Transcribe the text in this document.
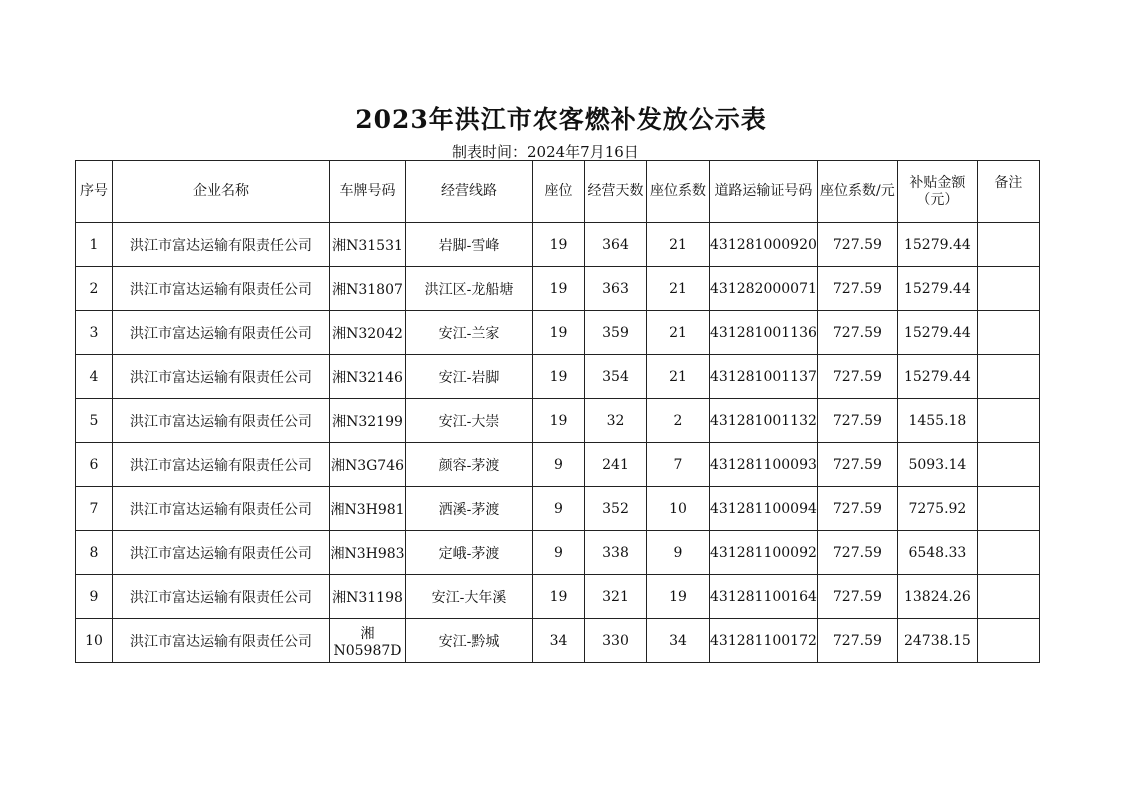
2023年洪江市农客燃补发放公示表
制表时间：2024年7月16日
序号	企业名称	车牌号码	经营线路	座位	经营天数	座位系数	道路运输证号码	座位系数/元	补贴金额（元）	备注
1	洪江市富达运输有限责任公司	湘N31531	岩脚-雪峰	19	364	21	431281000920	727.59	15279.44	
2	洪江市富达运输有限责任公司	湘N31807	洪江区-龙船塘	19	363	21	431282000071	727.59	15279.44	
3	洪江市富达运输有限责任公司	湘N32042	安江-兰家	19	359	21	431281001136	727.59	15279.44	
4	洪江市富达运输有限责任公司	湘N32146	安江-岩脚	19	354	21	431281001137	727.59	15279.44	
5	洪江市富达运输有限责任公司	湘N32199	安江-大崇	19	32	2	431281001132	727.59	1455.18	
6	洪江市富达运输有限责任公司	湘N3G746	颜容-茅渡	9	241	7	431281100093	727.59	5093.14	
7	洪江市富达运输有限责任公司	湘N3H981	洒溪-茅渡	9	352	10	431281100094	727.59	7275.92	
8	洪江市富达运输有限责任公司	湘N3H983	定峨-茅渡	9	338	9	431281100092	727.59	6548.33	
9	洪江市富达运输有限责任公司	湘N31198	安江-大年溪	19	321	19	431281100164	727.59	13824.26	
10	洪江市富达运输有限责任公司	湘N05987D	安江-黔城	34	330	34	431281100172	727.59	24738.15	
